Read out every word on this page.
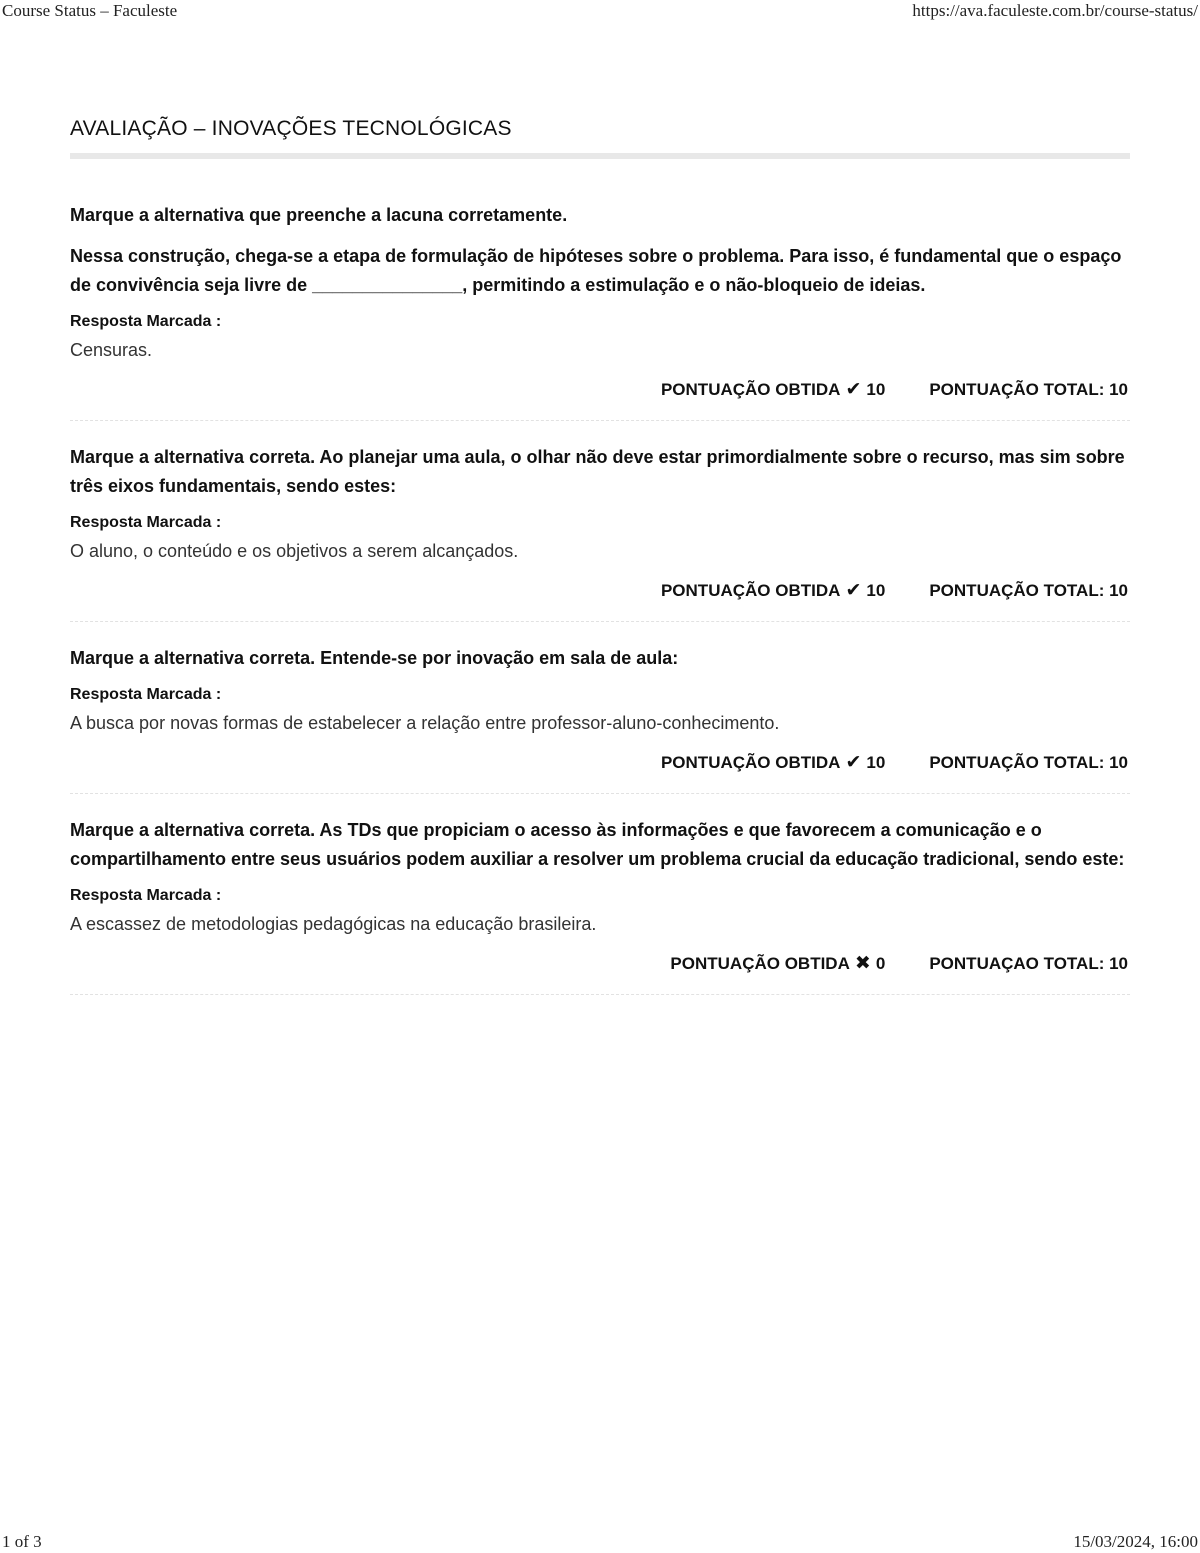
Course Status – Faculeste	https://ava.faculeste.com.br/course-status/
AVALIAÇÃO – INOVAÇÕES TECNOLÓGICAS

Marque a alternativa que preenche a lacuna corretamente.

Nessa construção, chega-se a etapa de formulação de hipóteses sobre o problema. Para isso, é fundamental que o espaço de convivência seja livre de _______________, permitindo a estimulação e o não-bloqueio de ideias.

Resposta Marcada :
Censuras.
PONTUAÇÃO OBTIDA ✔ 10	PONTUAÇÃO TOTAL: 10

Marque a alternativa correta. Ao planejar uma aula, o olhar não deve estar primordialmente sobre o recurso, mas sim sobre três eixos fundamentais, sendo estes:

Resposta Marcada :
O aluno, o conteúdo e os objetivos a serem alcançados.
PONTUAÇÃO OBTIDA ✔ 10	PONTUAÇÃO TOTAL: 10

Marque a alternativa correta. Entende-se por inovação em sala de aula:

Resposta Marcada :
A busca por novas formas de estabelecer a relação entre professor-aluno-conhecimento.
PONTUAÇÃO OBTIDA ✔ 10	PONTUAÇÃO TOTAL: 10

Marque a alternativa correta. As TDs que propiciam o acesso às informações e que favorecem a comunicação e o compartilhamento entre seus usuários podem auxiliar a resolver um problema crucial da educação tradicional, sendo este:

Resposta Marcada :
A escassez de metodologias pedagógicas na educação brasileira.
PONTUAÇÃO OBTIDA ✖ 0	PONTUAÇAO TOTAL: 10
1 of 3	15/03/2024, 16:00
